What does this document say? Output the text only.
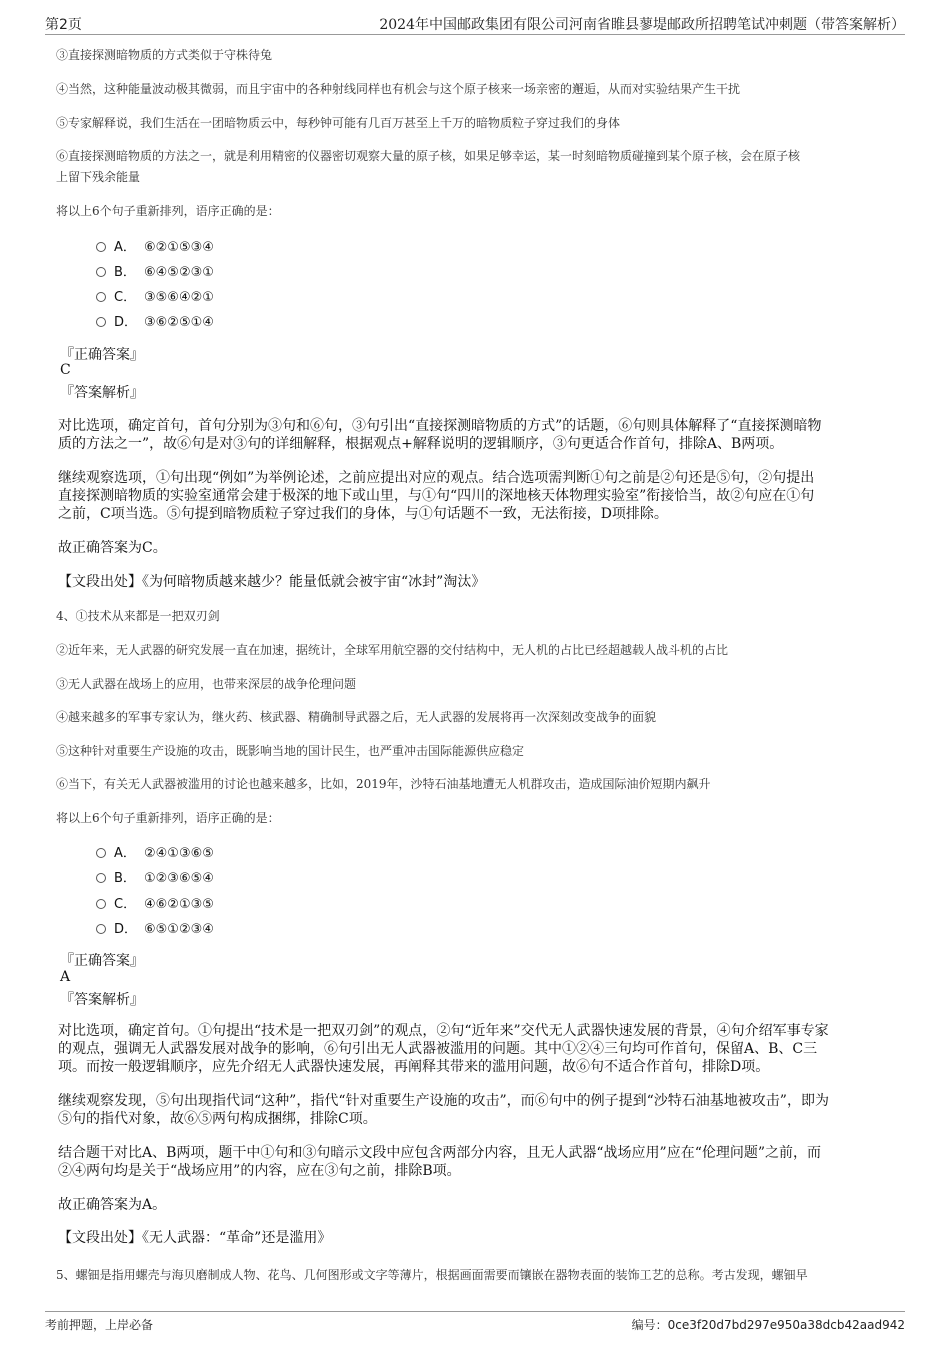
第2页	2024年中国邮政集团有限公司河南省睢县蓼堤邮政所招聘笔试冲刺题（带答案解析）
③直接探测暗物质的方式类似于守株待兔
④当然，这种能量波动极其微弱，而且宇宙中的各种射线同样也有机会与这个原子核来一场亲密的邂逅，从而对实验结果产生干扰
⑤专家解释说，我们生活在一团暗物质云中，每秒钟可能有几百万甚至上千万的暗物质粒子穿过我们的身体
⑥直接探测暗物质的方法之一，就是利用精密的仪器密切观察大量的原子核，如果足够幸运，某一时刻暗物质碰撞到某个原子核，会在原子核
上留下残余能量
将以上6个句子重新排列，语序正确的是：
A． ⑥②①⑤③④
B． ⑥④⑤②③①
C． ③⑤⑥④②①
D． ③⑥②⑤①④
『正确答案』
C
『答案解析』
对比选项，确定首句，首句分别为③句和⑥句，③句引出“直接探测暗物质的方式”的话题，⑥句则具体解释了“直接探测暗物
质的方法之一”，故⑥句是对③句的详细解释，根据观点+解释说明的逻辑顺序，③句更适合作首句，排除A、B两项。
继续观察选项，①句出现“例如”为举例论述，之前应提出对应的观点。结合选项需判断①句之前是②句还是⑤句，②句提出
直接探测暗物质的实验室通常会建于极深的地下或山里，与①句“四川的深地核天体物理实验室”衔接恰当，故②句应在①句
之前，C项当选。⑤句提到暗物质粒子穿过我们的身体，与①句话题不一致，无法衔接，D项排除。
故正确答案为C。
【文段出处】《为何暗物质越来越少？能量低就会被宇宙“冰封”淘汰》
4、①技术从来都是一把双刃剑
②近年来，无人武器的研究发展一直在加速，据统计，全球军用航空器的交付结构中，无人机的占比已经超越载人战斗机的占比
③无人武器在战场上的应用，也带来深层的战争伦理问题
④越来越多的军事专家认为，继火药、核武器、精确制导武器之后，无人武器的发展将再一次深刻改变战争的面貌
⑤这种针对重要生产设施的攻击，既影响当地的国计民生，也严重冲击国际能源供应稳定
⑥当下，有关无人武器被滥用的讨论也越来越多，比如，2019年，沙特石油基地遭无人机群攻击，造成国际油价短期内飙升
将以上6个句子重新排列，语序正确的是：
A． ②④①③⑥⑤
B． ①②③⑥⑤④
C． ④⑥②①③⑤
D． ⑥⑤①②③④
『正确答案』
A
『答案解析』
对比选项，确定首句。①句提出“技术是一把双刃剑”的观点，②句“近年来”交代无人武器快速发展的背景，④句介绍军事专家
的观点，强调无人武器发展对战争的影响，⑥句引出无人武器被滥用的问题。其中①②④三句均可作首句，保留A、B、C三
项。而按一般逻辑顺序，应先介绍无人武器快速发展，再阐释其带来的滥用问题，故⑥句不适合作首句，排除D项。
继续观察发现，⑤句出现指代词“这种”，指代“针对重要生产设施的攻击”，而⑥句中的例子提到“沙特石油基地被攻击”，即为
⑤句的指代对象，故⑥⑤两句构成捆绑，排除C项。
结合题干对比A、B两项，题干中①句和③句暗示文段中应包含两部分内容，且无人武器“战场应用”应在“伦理问题”之前，而
②④两句均是关于“战场应用”的内容，应在③句之前，排除B项。
故正确答案为A。
【文段出处】《无人武器：“革命”还是滥用》
5、螺钿是指用螺壳与海贝磨制成人物、花鸟、几何图形或文字等薄片，根据画面需要而镶嵌在器物表面的装饰工艺的总称。考古发现，螺钿早
考前押题，上岸必备	编号：0ce3f20d7bd297e950a38dcb42aad942
